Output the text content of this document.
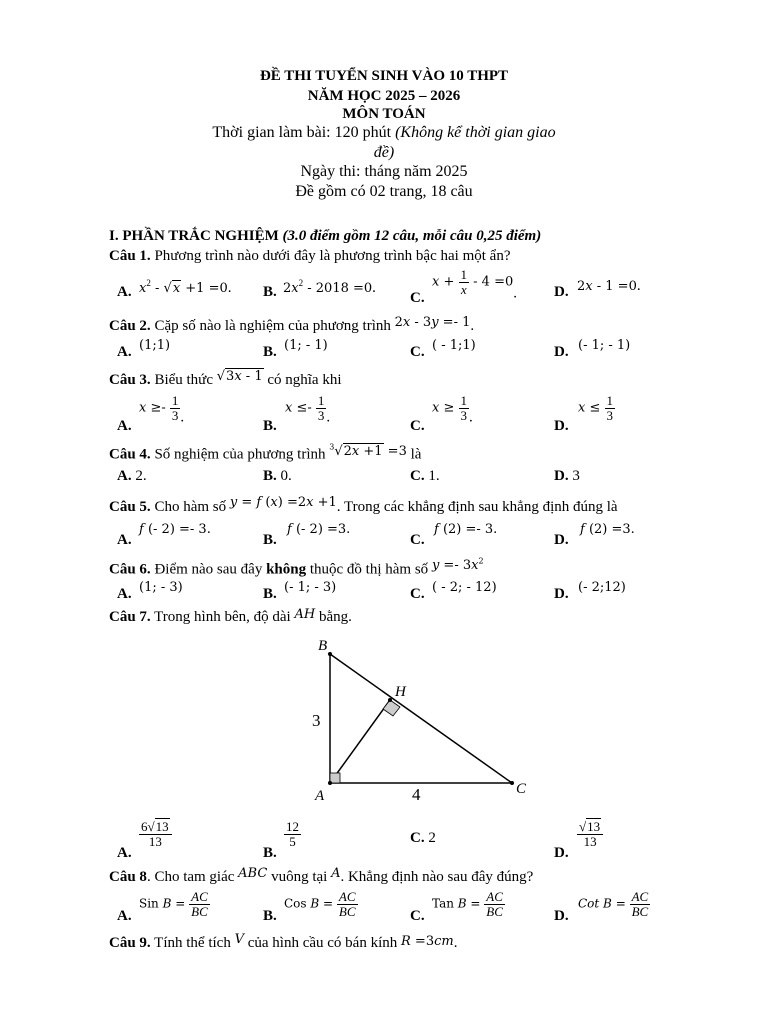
ĐỀ THI TUYỂN SINH VÀO 10 THPT
NĂM HỌC 2025 – 2026
MÔN TOÁN
Thời gian làm bài: 120 phút (Không kể thời gian giao
đề)
Ngày thi: tháng năm 2025
Đề gồm có 02 trang, 18 câu
I. PHẦN TRẮC NGHIỆM (3.0 điểm gồm 12 câu, mỗi câu 0,25 điểm)
Câu 1. Phương trình nào dưới đây là phương trình bậc hai một ẩn?
A. $x^2 - √x +1 =0$. B. $2x^2 - 2018 =0$.
C.
$x + \frac{1}{x} - 4 =0$. D. 2x - 1 =0.
Câu 2. Cặp số nào là nghiệm của phương trình 2x - 3y =- 1.
A. (1;1)	B. (1; - 1)	C. ( - 1;1)	D. (- 1; - 1)
Câu 3. Biểu thức √3x - 1 có nghĩa khi
A.
$x \ge- \frac{1}{3}$ .
B.
$x \le- \frac{1}{3}$ .
C.
$x \ge \frac{1}{3}$ .
D.
$x \le \frac{1}{3}$
Câu 4. Số nghiệm của phương trình $^3$√2x +1 =3 là
A. 2.	B. 0.	C. 1.	D. 3
Câu 5. Cho hàm số y = f (x) =2x +1. Trong các khẳng định sau khẳng định đúng là
A.
f (- 2) =- 3.
B.
f (- 2) =3.
C.
f (2) =- 3.
D.
f (2) =3.
Câu 6. Điểm nào sau đây không thuộc đồ thị hàm số $y =- 3x^2$
A. (1; - 3)	B. (- 1; - 3)	C. ( - 2; - 12)	D. (- 2;12)
Câu 7. Trong hình bên, độ dài AH bằng.
B
H
A	C
3
4
A.
$\frac{6√13}{13}$
B.
$\frac{12}{5}$	C. 2
D.
$\frac{√13}{13}$
Câu 8. Cho tam giác ABC vuông tại A. Khẳng định nào sau đây đúng?
A.
Sin $B = \frac{AC}{BC}$	B.
Cos $B = \frac{AC}{BC}$	C.
Tan $B = \frac{AC}{BC}$	D.
Cot $B = \frac{AC}{BC}$
Câu 9. Tính thể tích V của hình cầu có bán kính R =3cm.
